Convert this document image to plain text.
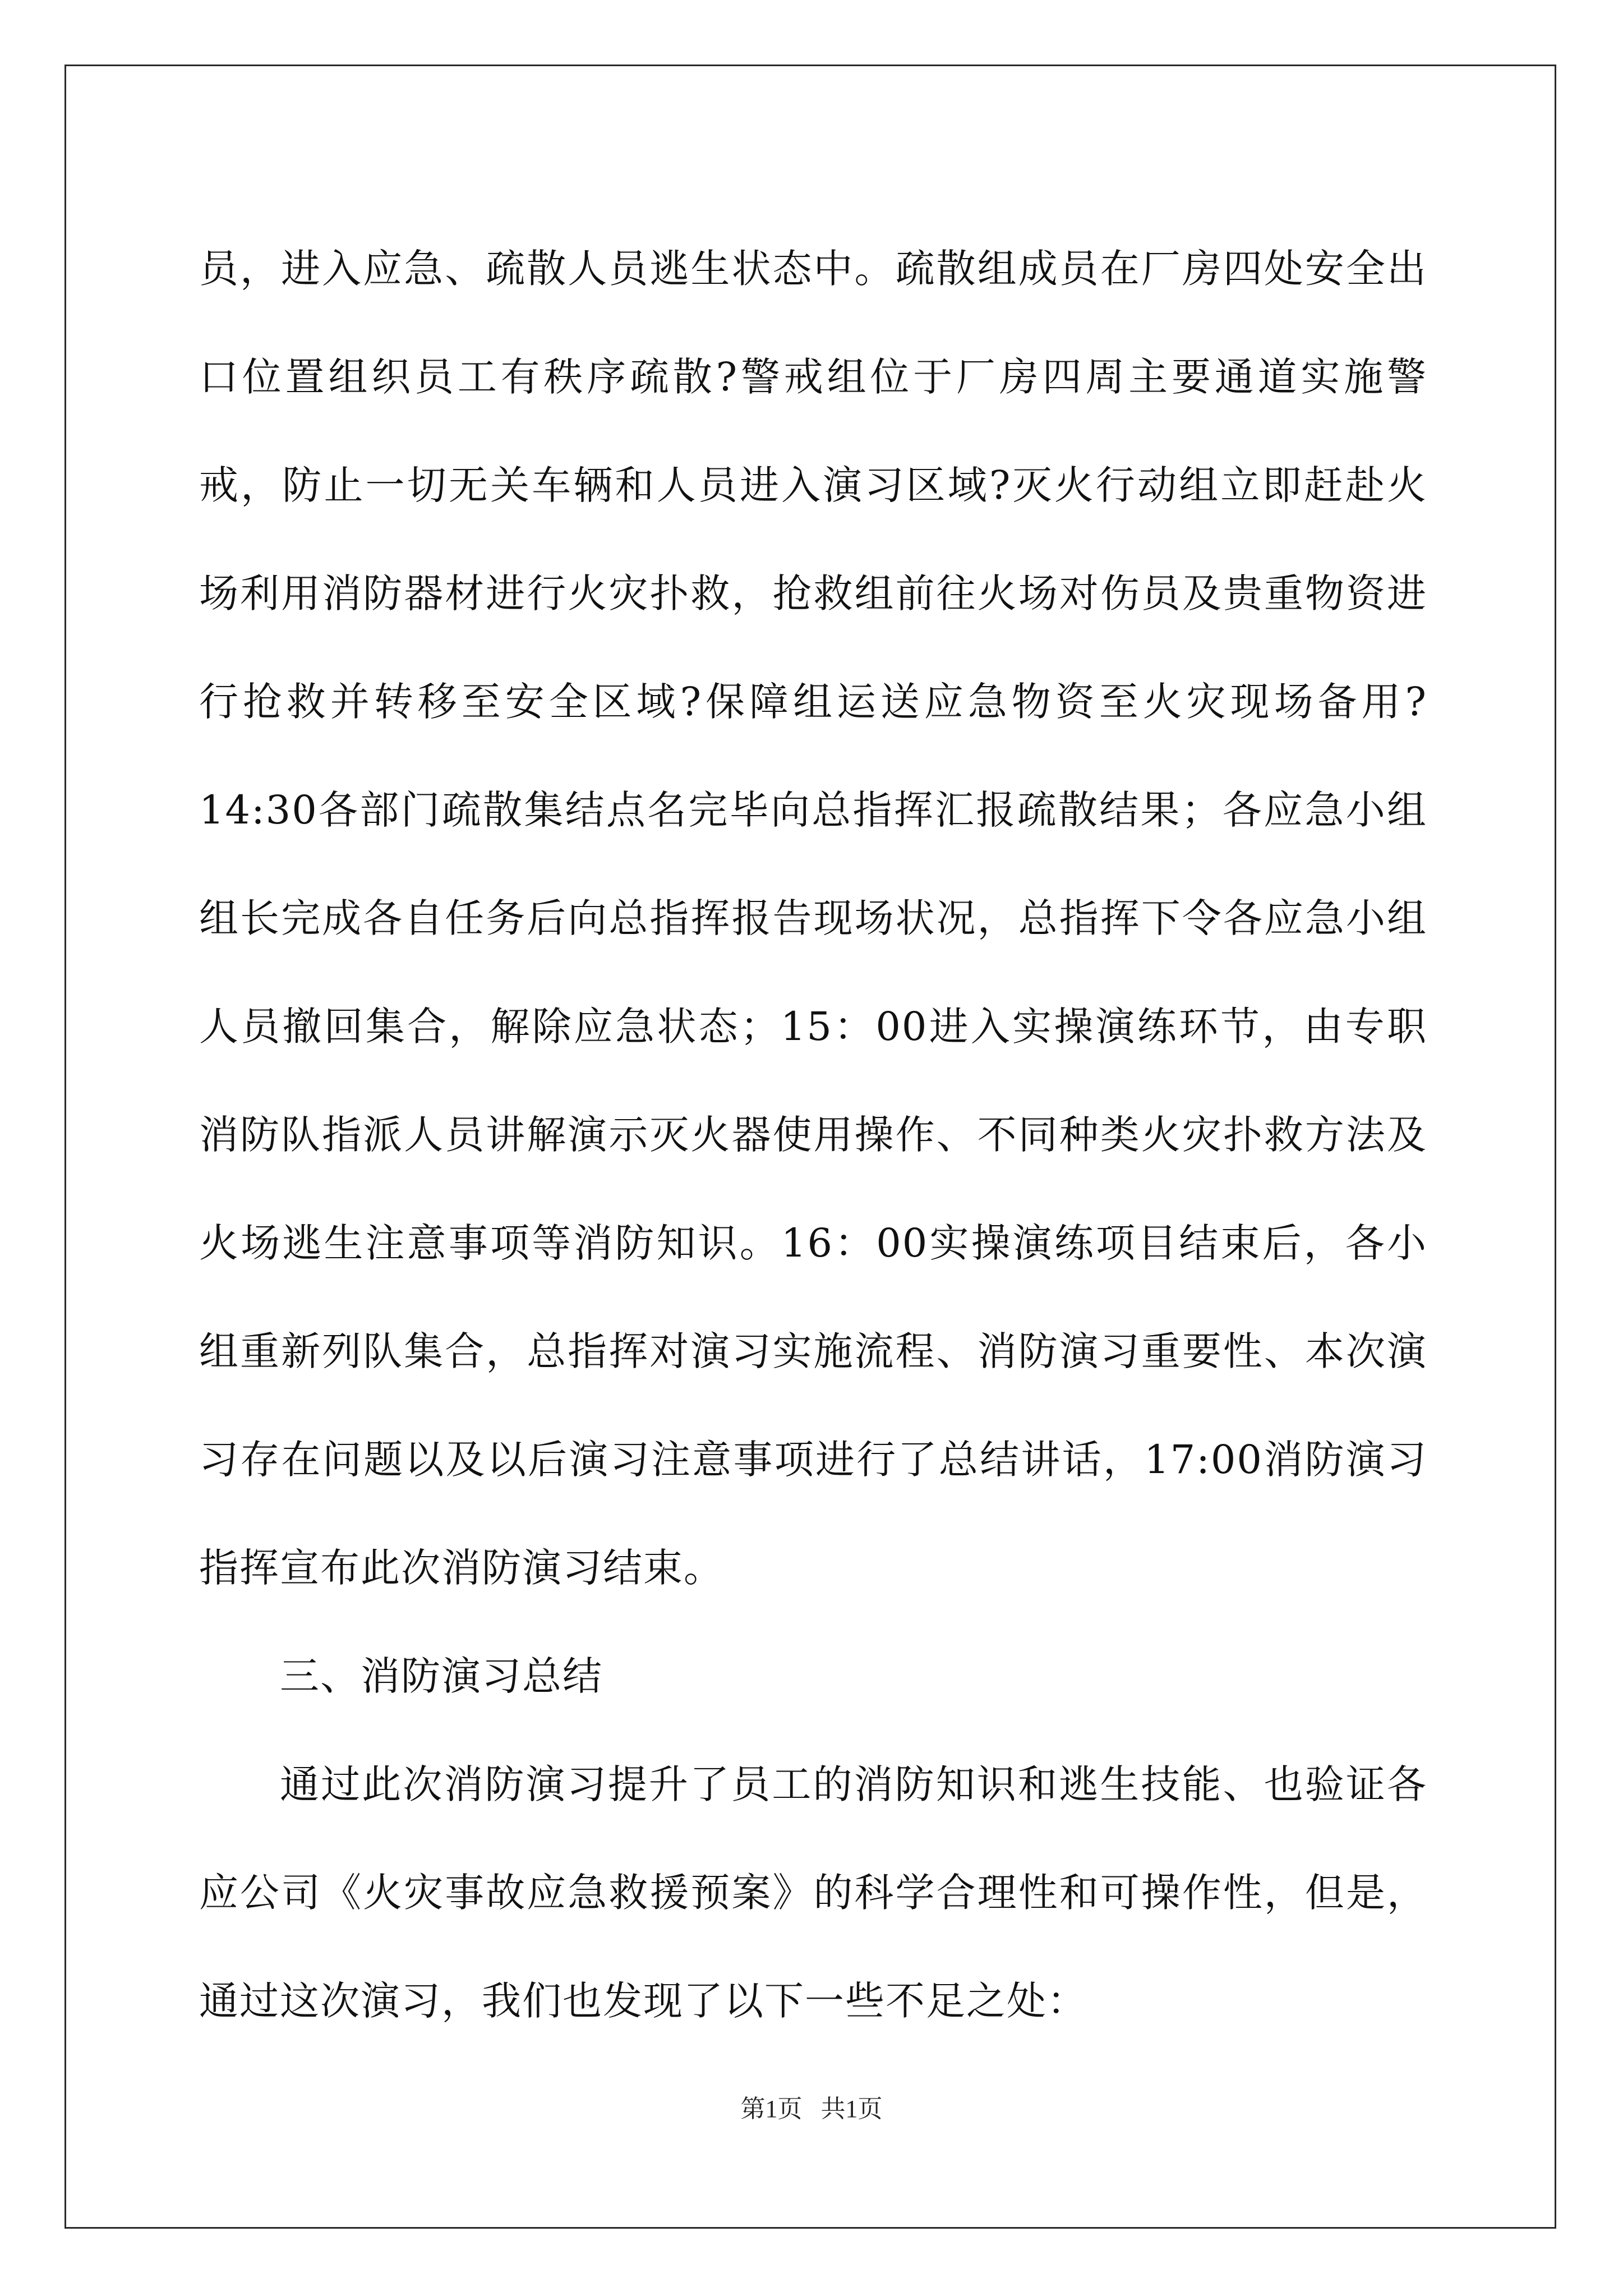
员，进入应急、疏散人员逃生状态中。疏散组成员在厂房四处安全出口位置组织员工有秩序疏散?警戒组位于厂房四周主要通道实施警戒，防止一切无关车辆和人员进入演习区域?灭火行动组立即赶赴火场利用消防器材进行火灾扑救，抢救组前往火场对伤员及贵重物资进行抢救并转移至安全区域?保障组运送应急物资至火灾现场备用?14:30各部门疏散集结点名完毕向总指挥汇报疏散结果；各应急小组组长完成各自任务后向总指挥报告现场状况，总指挥下令各应急小组人员撤回集合，解除应急状态；15：00进入实操演练环节，由专职消防队指派人员讲解演示灭火器使用操作、不同种类火灾扑救方法及火场逃生注意事项等消防知识。16：00实操演练项目结束后，各小组重新列队集合，总指挥对演习实施流程、消防演习重要性、本次演习存在问题以及以后演习注意事项进行了总结讲话，17:00消防演习指挥宣布此次消防演习结束。

三、消防演习总结

通过此次消防演习提升了员工的消防知识和逃生技能、也验证各应公司《火灾事故应急救援预案》的科学合理性和可操作性，但是，通过这次演习，我们也发现了以下一些不足之处：

第1页 共1页
